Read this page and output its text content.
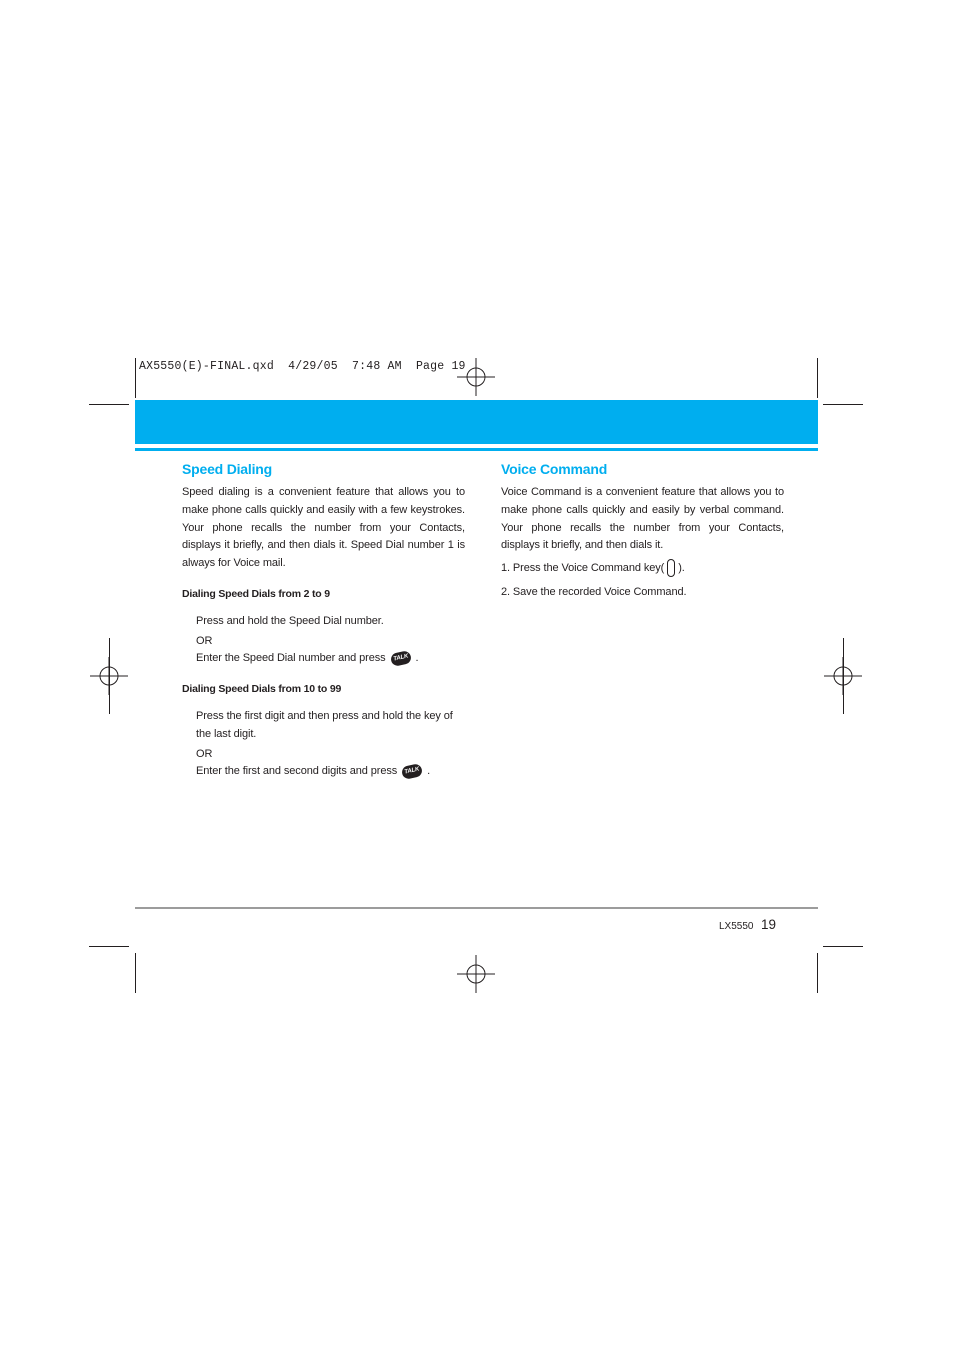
AX5550(E)-FINAL.qxd  4/29/05  7:48 AM  Page 19
Speed Dialing
Speed dialing is a convenient feature that allows you to make phone calls quickly and easily with a few keystrokes. Your phone recalls the number from your Contacts, displays it briefly, and then dials it. Speed Dial number 1 is always for Voice mail.
Dialing Speed Dials from 2 to 9
Press and hold the Speed Dial number.
OR
Enter the Speed Dial number and press TALK .
Dialing Speed Dials from 10 to 99
Press the first digit and then press and hold the key of
the last digit.
OR
Enter the first and second digits and press TALK .
Voice Command
Voice Command is a convenient feature that allows you to make phone calls quickly and easily by verbal command. Your phone recalls the number from your Contacts, displays it briefly, and then dials it.
1. Press the Voice Command key( ).
2. Save the recorded Voice Command.
LX5550 19
